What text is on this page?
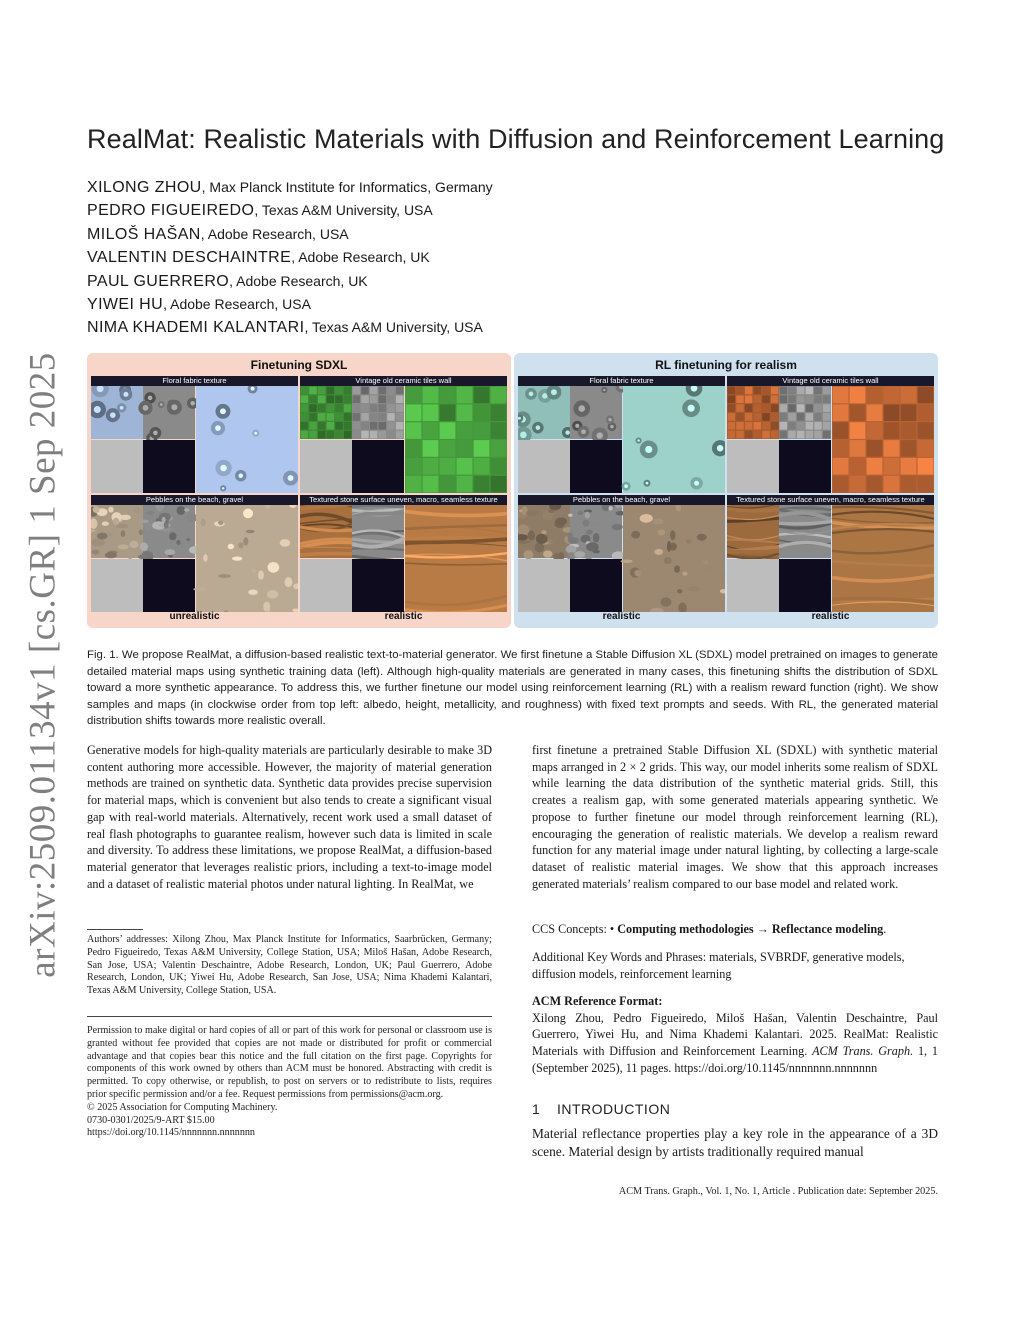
arXiv:2509.01134v1 [cs.GR] 1 Sep 2025
RealMat: Realistic Materials with Diffusion and Reinforcement Learning
XILONG ZHOU, Max Planck Institute for Informatics, Germany
PEDRO FIGUEIREDO, Texas A&M University, USA
MILOŠ HAŠAN, Adobe Research, USA
VALENTIN DESCHAINTRE, Adobe Research, UK
PAUL GUERRERO, Adobe Research, UK
YIWEI HU, Adobe Research, USA
NIMA KHADEMI KALANTARI, Texas A&M University, USA
Finetuning SDXL
Floral fabric texture	Vintage old ceramic tiles wall
Pebbles on the beach, gravel	Textured stone surface uneven, macro, seamless texture
unrealistic	realistic
RL finetuning for realism
Floral fabric texture	Vintage old ceramic tiles wall
Pebbles on the beach, gravel	Textured stone surface uneven, macro, seamless texture
realistic	realistic
Fig. 1. We propose RealMat, a diffusion-based realistic text-to-material generator. We first finetune a Stable Diffusion XL (SDXL) model pretrained on images to generate detailed material maps using synthetic training data (left). Although high-quality materials are generated in many cases, this finetuning shifts the distribution of SDXL toward a more synthetic appearance. To address this, we further finetune our model using reinforcement learning (RL) with a realism reward function (right). We show samples and maps (in clockwise order from top left: albedo, height, metallicity, and roughness) with fixed text prompts and seeds. With RL, the generated material distribution shifts towards more realistic overall.
Generative models for high-quality materials are particularly desirable to make 3D content authoring more accessible. However, the majority of material generation methods are trained on synthetic data. Synthetic data provides precise supervision for material maps, which is convenient but also tends to create a significant visual gap with real-world materials. Alternatively, recent work used a small dataset of real flash photographs to guarantee realism, however such data is limited in scale and diversity. To address these limitations, we propose RealMat, a diffusion-based material generator that leverages realistic priors, including a text-to-image model and a dataset of realistic material photos under natural lighting. In RealMat, we
first finetune a pretrained Stable Diffusion XL (SDXL) with synthetic material maps arranged in 2 × 2 grids. This way, our model inherits some realism of SDXL while learning the data distribution of the synthetic material grids. Still, this creates a realism gap, with some generated materials appearing synthetic. We propose to further finetune our model through reinforcement learning (RL), encouraging the generation of realistic materials. We develop a realism reward function for any material image under natural lighting, by collecting a large-scale dataset of realistic material images. We show that this approach increases generated materials’ realism compared to our base model and related work.
Authors’ addresses: Xilong Zhou, Max Planck Institute for Informatics, Saarbrücken, Germany; Pedro Figueiredo, Texas A&M University, College Station, USA; Miloš Hašan, Adobe Research, San Jose, USA; Valentin Deschaintre, Adobe Research, London, UK; Paul Guerrero, Adobe Research, London, UK; Yiwei Hu, Adobe Research, San Jose, USA; Nima Khademi Kalantari, Texas A&M University, College Station, USA.
Permission to make digital or hard copies of all or part of this work for personal or classroom use is granted without fee provided that copies are not made or distributed for profit or commercial advantage and that copies bear this notice and the full citation on the first page. Copyrights for components of this work owned by others than ACM must be honored. Abstracting with credit is permitted. To copy otherwise, or republish, to post on servers or to redistribute to lists, requires prior specific permission and/or a fee. Request permissions from permissions@acm.org.
© 2025 Association for Computing Machinery.
0730-0301/2025/9-ART $15.00
https://doi.org/10.1145/nnnnnnn.nnnnnnn
CCS Concepts: • Computing methodologies → Reflectance modeling.
Additional Key Words and Phrases: materials, SVBRDF, generative models, diffusion models, reinforcement learning
ACM Reference Format:
Xilong Zhou, Pedro Figueiredo, Miloš Hašan, Valentin Deschaintre, Paul Guerrero, Yiwei Hu, and Nima Khademi Kalantari. 2025. RealMat: Realistic Materials with Diffusion and Reinforcement Learning. ACM Trans. Graph. 1, 1 (September 2025), 11 pages. https://doi.org/10.1145/nnnnnnn.nnnnnnn
1 INTRODUCTION
Material reflectance properties play a key role in the appearance of a 3D scene. Material design by artists traditionally required manual
ACM Trans. Graph., Vol. 1, No. 1, Article . Publication date: September 2025.
